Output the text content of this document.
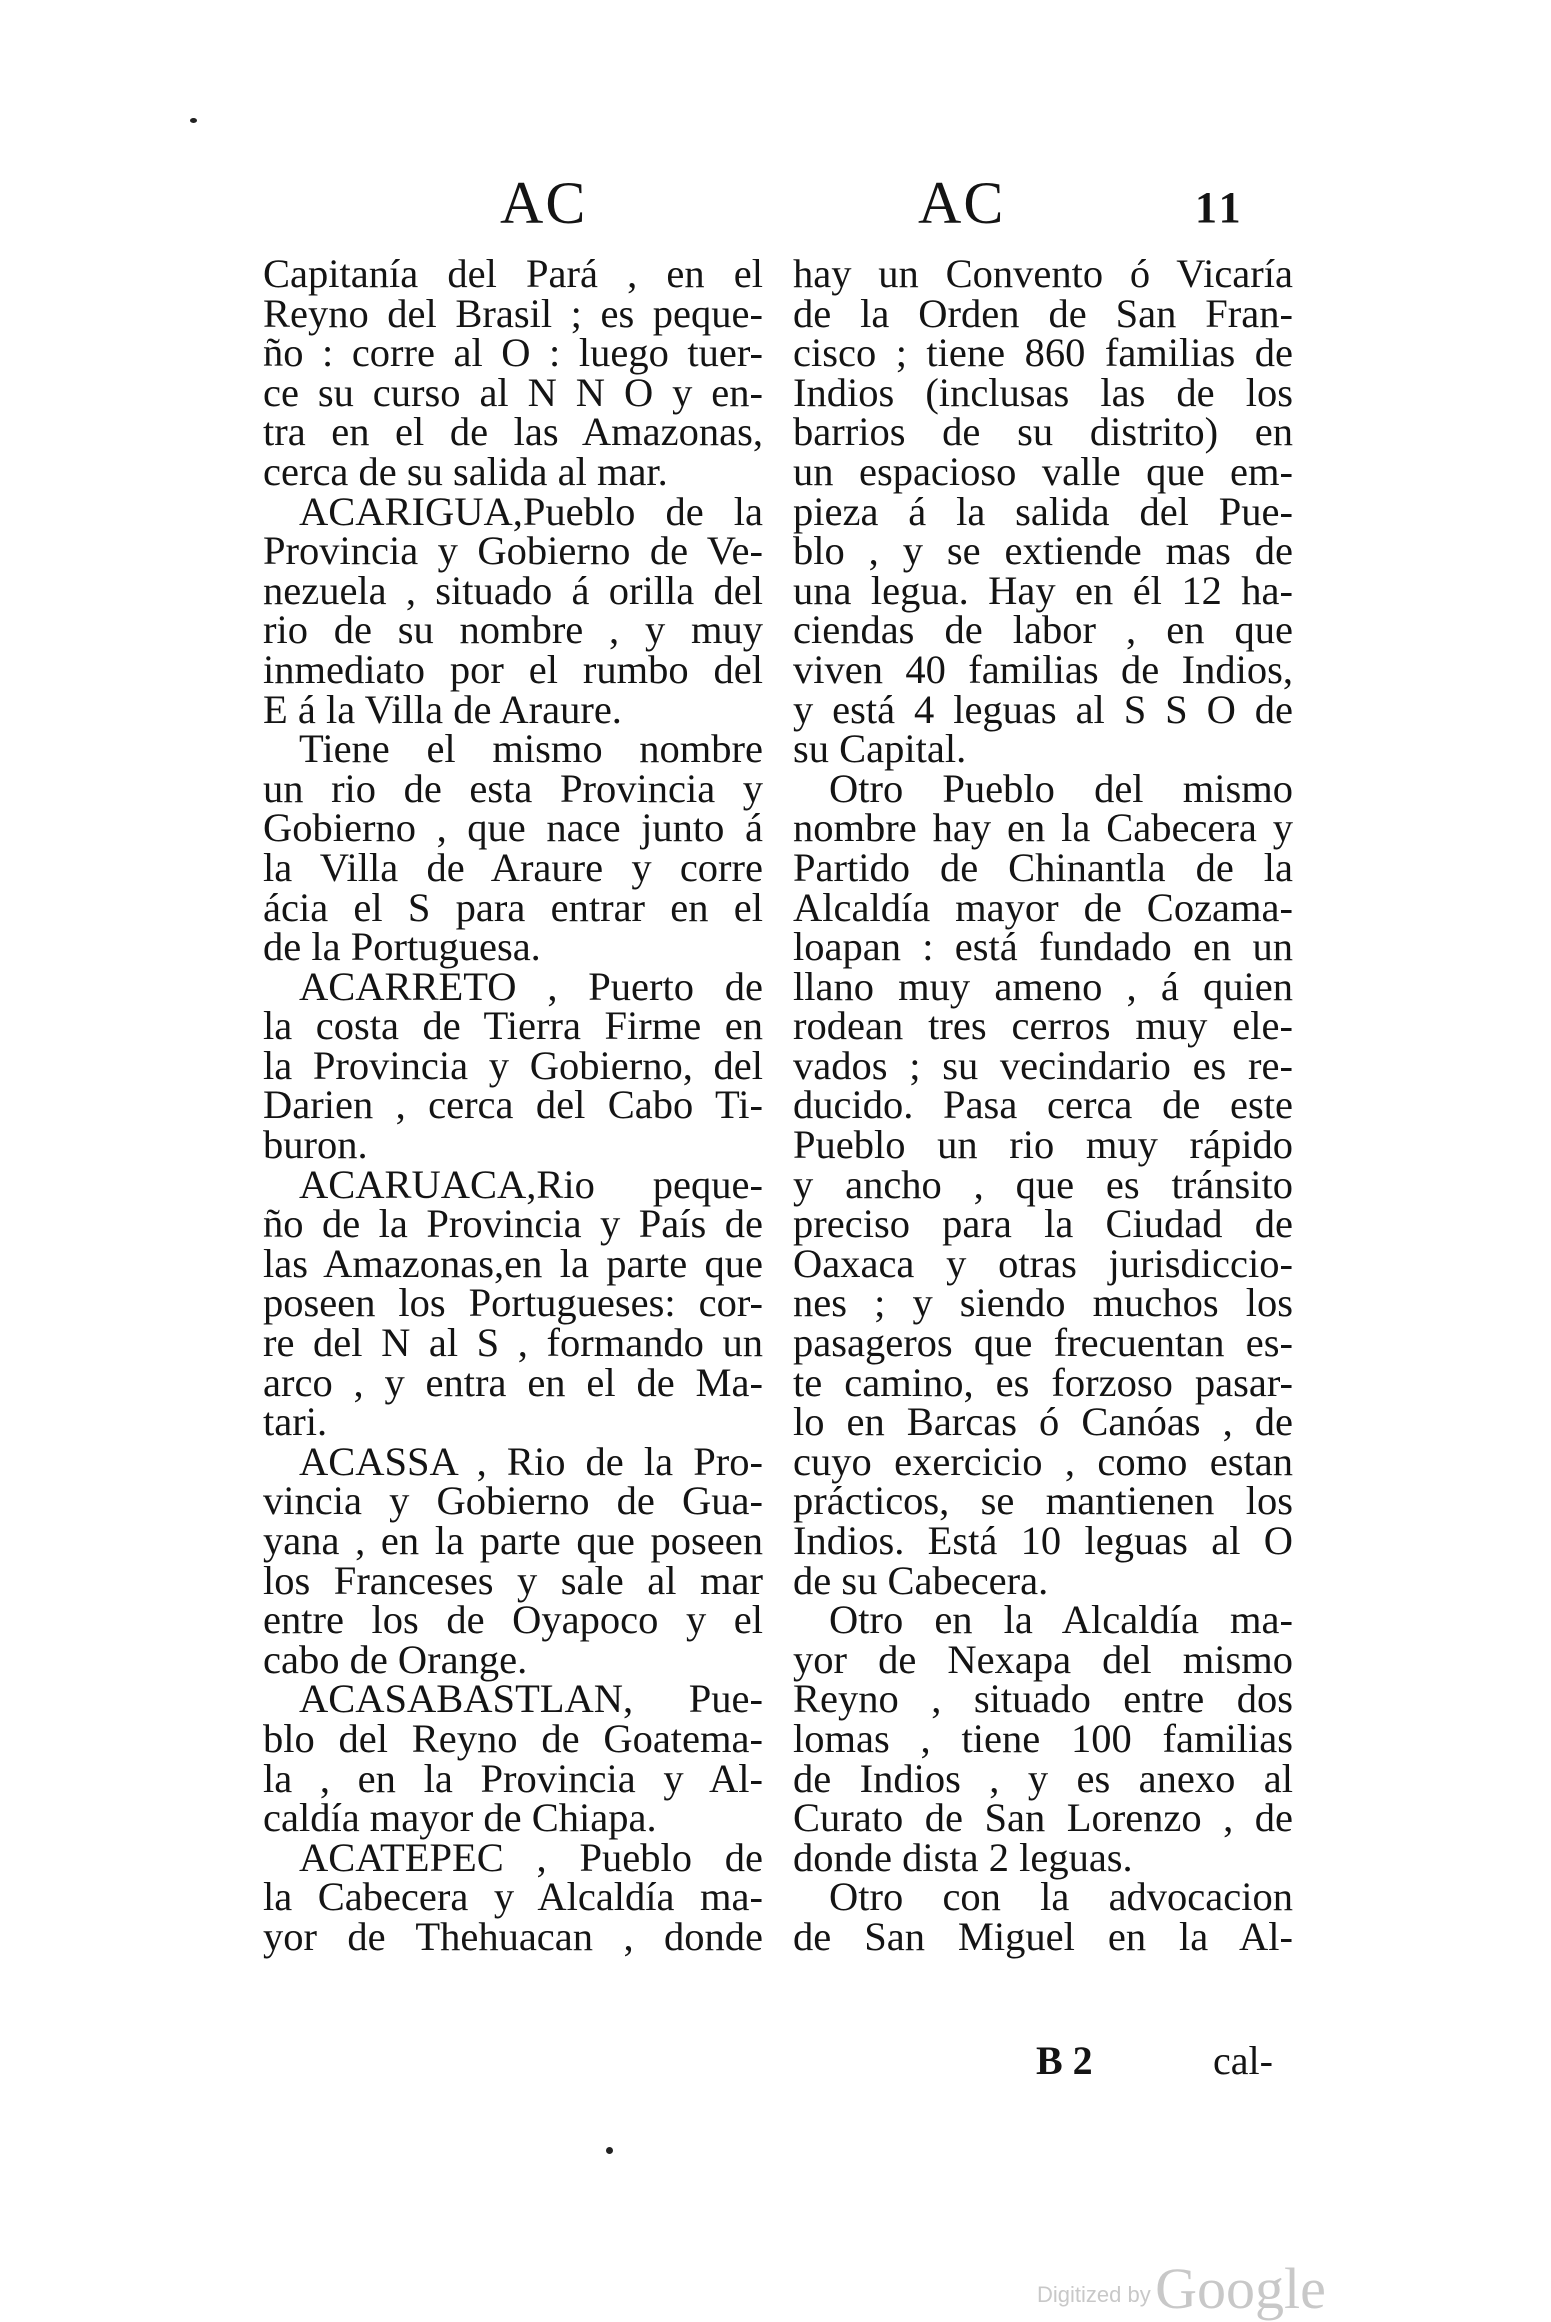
AC	AC	11
Capitanía del Pará , en el
Reyno del Brasil ; es peque-
ño : corre al O : luego tuer-
ce su curso al N N O y en-
tra en el de las Amazonas,
cerca de su salida al mar.
ACARIGUA,Pueblo de la
Provincia y Gobierno de Ve-
nezuela , situado á orilla del
rio de su nombre , y muy
inmediato por el rumbo del
E á la Villa de Araure.
Tiene el mismo nombre
un rio de esta Provincia y
Gobierno , que nace junto á
la Villa de Araure y corre
ácia el S para entrar en el
de la Portuguesa.
ACARRETO , Puerto de
la costa de Tierra Firme en
la Provincia y Gobierno, del
Darien , cerca del Cabo Ti-
buron.
ACARUACA,Rio peque-
ño de la Provincia y País de
las Amazonas,en la parte que
poseen los Portugueses: cor-
re del N al S , formando un
arco , y entra en el de Ma-
tari.
ACASSA , Rio de la Pro-
vincia y Gobierno de Gua-
yana , en la parte que poseen
los Franceses y sale al mar
entre los de Oyapoco y el
cabo de Orange.
ACASABASTLAN, Pue-
blo del Reyno de Goatema-
la , en la Provincia y Al-
caldía mayor de Chiapa.
ACATEPEC , Pueblo de
la Cabecera y Alcaldía ma-
yor de Thehuacan , donde
hay un Convento ó Vicaría
de la Orden de San Fran-
cisco ; tiene 860 familias de
Indios (inclusas las de los
barrios de su distrito) en
un espacioso valle que em-
pieza á la salida del Pue-
blo , y se extiende mas de
una legua. Hay en él 12 ha-
ciendas de labor , en que
viven 40 familias de Indios,
y está 4 leguas al S S O de
su Capital.
Otro Pueblo del mismo
nombre hay en la Cabecera y
Partido de Chinantla de la
Alcaldía mayor de Cozama-
loapan : está fundado en un
llano muy ameno , á quien
rodean tres cerros muy ele-
vados ; su vecindario es re-
ducido. Pasa cerca de este
Pueblo un rio muy rápido
y ancho , que es tránsito
preciso para la Ciudad de
Oaxaca y otras jurisdiccio-
nes ; y siendo muchos los
pasageros que frecuentan es-
te camino, es forzoso pasar-
lo en Barcas ó Canóas , de
cuyo exercicio , como estan
prácticos, se mantienen los
Indios. Está 10 leguas al O
de su Cabecera.
Otro en la Alcaldía ma-
yor de Nexapa del mismo
Reyno , situado entre dos
lomas , tiene 100 familias
de Indios , y es anexo al
Curato de San Lorenzo , de
donde dista 2 leguas.
Otro con la advocacion
de San Miguel en la Al-
B 2	cal-
Digitized by Google
